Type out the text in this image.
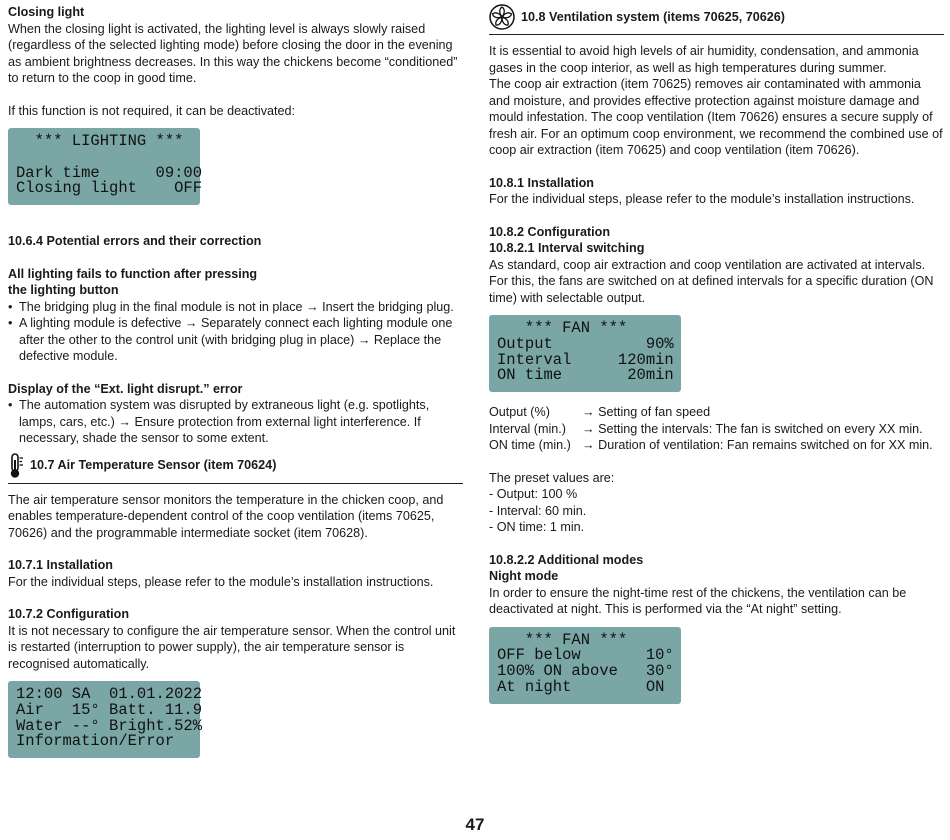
Closing light

When the closing light is activated, the lighting level is always slowly raised (regardless of the selected lighting mode) before closing the door in the evening as ambient brightness decreases. In this way the chickens become “conditioned” to return to the coop in good time.

If this function is not required, it can be deactivated:

*** LIGHTING ***

Dark time      09:00
Closing light    OFF

10.6.4 Potential errors and their correction

All lighting fails to function after pressing

the lighting button

• The bridging plug in the final module is not in place → Insert the bridging plug.
• A lighting module is defective → Separately connect each lighting module one after the other to the control unit (with bridging plug in place) → Replace the defective module.

Display of the “Ext. light disrupt.” error

• The automation system was disrupted by extraneous light (e.g. spotlights, lamps, cars, etc.) → Ensure protection from external light interference. If necessary, shade the sensor to some extent.
10.7 Air Temperature Sensor (item 70624)

The air temperature sensor monitors the temperature in the chicken coop, and enables temperature-dependent control of the coop ventilation (items 70625, 70626) and the programmable intermediate socket (item 70628).

10.7.1 Installation

For the individual steps, please refer to the module’s installation instructions.

10.7.2 Configuration

It is not necessary to configure the air temperature sensor. When the control unit is restarted (interruption to power supply), the air temperature sensor is recognised automatically.

12:00 SA  01.01.2022
Air   15° Batt. 11.9
Water --° Bright.52%
Information/Error
10.8 Ventilation system (items 70625, 70626)

It is essential to avoid high levels of air humidity, condensation, and ammonia gases in the coop interior, as well as high temperatures during summer.
The coop air extraction (item 70625) removes air contaminated with ammonia and moisture, and provides effective protection against moisture damage and mould infestation. The coop ventilation (Item 70626) ensures a secure supply of fresh air. For an optimum coop environment, we recommend the combined use of coop air extraction (item 70625) and coop ventilation (item 70626).

10.8.1 Installation

For the individual steps, please refer to the module’s installation instructions.

10.8.2 Configuration

10.8.2.1 Interval switching

As standard, coop air extraction and coop ventilation are activated at intervals. For this, the fans are switched on at defined intervals for a specific duration (ON time) with selectable output.

*** FAN ***
Output          90%
Interval     120min
ON time       20min
Output (%)	→ Setting of fan speed
Interval (min.)	→ Setting the intervals: The fan is switched on every XX min.
ON time (min.) → Duration of ventilation: Fan remains switched on for XX min.

The preset values are:

- Output: 100 %

- Interval: 60 min.

- ON time: 1 min.

10.8.2.2 Additional modes

Night mode

In order to ensure the night-time rest of the chickens, the ventilation can be deactivated at night. This is performed via the “At night” setting.

*** FAN ***
OFF below       10°
100% ON above   30°
At night        ON
47
